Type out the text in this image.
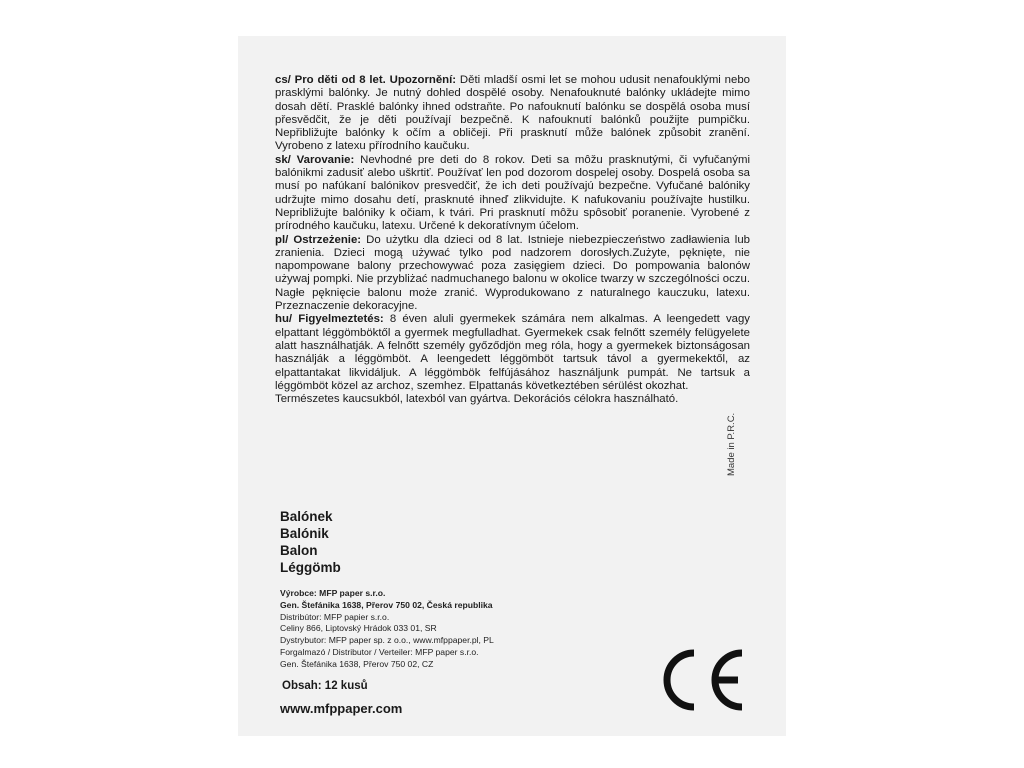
cs/ Pro děti od 8 let. Upozornění: Děti mladší osmi let se mohou udusit nenafouklými nebo prasklými balónky. Je nutný dohled dospělé osoby. Nenafouknuté balónky ukládejte mimo dosah dětí. Prasklé balónky ihned odstraňte. Po nafouknutí balónku se dospělá osoba musí přesvědčit, že je děti používají bezpečně. K nafouknutí balónků použijte pumpičku. Nepřibližujte balónky k očím a obličeji. Při prasknutí může balónek způsobit zranění. Vyrobeno z latexu přírodního kaučuku.

sk/ Varovanie: Nevhodné pre deti do 8 rokov. Deti sa môžu prasknutými, či vyfučanými balónikmi zadusiť alebo uškrtiť. Používať len pod dozorom dospelej osoby. Dospelá osoba sa musí po nafúkaní balónikov presvedčiť, že ich deti používajú bezpečne. Vyfučané balóniky udržujte mimo dosahu detí, prasknuté ihneď zlikvidujte. K nafukovaniu používajte hustilku. Nepribližujte balóniky k očiam, k tvári. Pri prasknutí môžu spôsobiť poranenie. Vyrobené z prírodného kaučuku, latexu. Určené k dekoratívnym účelom.

pl/ Ostrzeżenie: Do użytku dla dzieci od 8 lat. Istnieje niebezpieczeństwo zadławienia lub zranienia. Dzieci mogą używać tylko pod nadzorem dorosłych.Zużyte, pęknięte, nie napompowane balony przechowywać poza zasięgiem dzieci. Do pompowania balonów używaj pompki. Nie przybliżać nadmuchanego balonu w okolice twarzy w szczególności oczu. Nagłe pęknięcie balonu może zranić. Wyprodukowano z naturalnego kauczuku, latexu. Przeznaczenie dekoracyjne.

hu/ Figyelmeztetés: 8 éven aluli gyermekek számára nem alkalmas. A leengedett vagy elpattant léggömböktől a gyermek megfulladhat. Gyermekek csak felnőtt személy felügyelete alatt használhatják. A felnőtt személy győződjön meg róla, hogy a gyermekek biztonságosan használják a léggömböt. A leengedett léggömböt tartsuk távol a gyermekektől, az elpattantakat likvidáljuk. A léggömbök felfújásához használjunk pumpát. Ne tartsuk a léggömböt közel az archoz, szemhez. Elpattanás következtében sérülést okozhat.

Természetes kaucsukból, latexból van gyártva. Dekorációs célokra használható.

Made in P.R.C.
Balónek
Balónik
Balon
Léggömb
Výrobce: MFP paper s.r.o.
Gen. Štefánika 1638, Přerov 750 02, Česká republika
Distribútor: MFP papier s.r.o.
Celiny 866, Liptovský Hrádok 033 01, SR
Dystrybutor: MFP paper sp. z o.o., www.mfppaper.pl, PL
Forgalmazó / Distributor / Verteiler: MFP paper s.r.o.
Gen. Štefánika 1638, Přerov 750 02, CZ
Obsah: 12 kusů
www.mfppaper.com
